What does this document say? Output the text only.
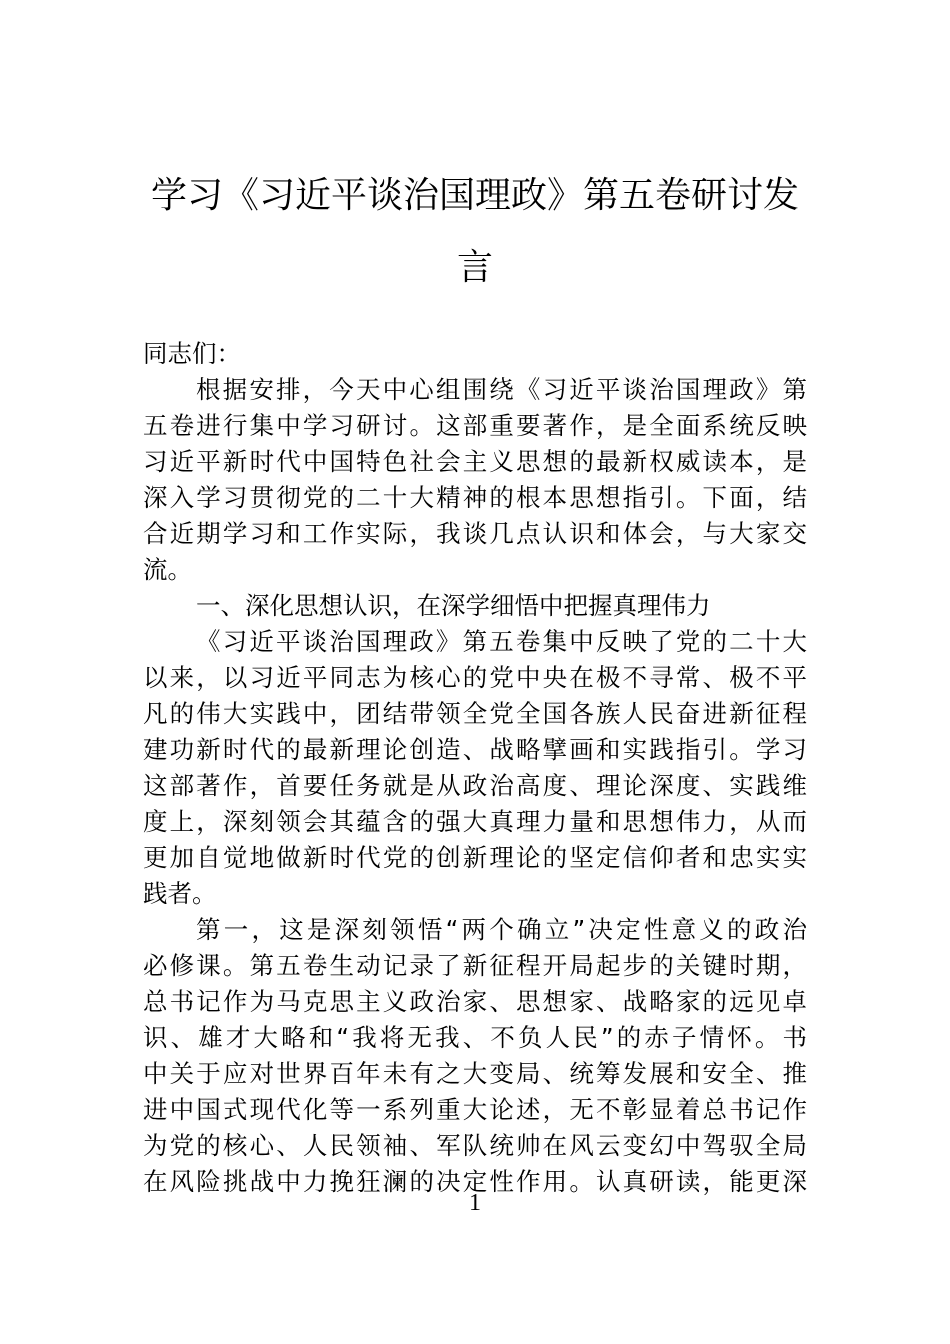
学习《习近平谈治国理政》第五卷研讨发
言
同志们：
根据安排，今天中心组围绕《习近平谈治国理政》第
五卷进行集中学习研讨。这部重要著作，是全面系统反映
习近平新时代中国特色社会主义思想的最新权威读本，是
深入学习贯彻党的二十大精神的根本思想指引。下面，结
合近期学习和工作实际，我谈几点认识和体会，与大家交
流。
一、深化思想认识，在深学细悟中把握真理伟力
《习近平谈治国理政》第五卷集中反映了党的二十大
以来，以习近平同志为核心的党中央在极不寻常、极不平
凡的伟大实践中，团结带领全党全国各族人民奋进新征程
建功新时代的最新理论创造、战略擘画和实践指引。学习
这部著作，首要任务就是从政治高度、理论深度、实践维
度上，深刻领会其蕴含的强大真理力量和思想伟力，从而
更加自觉地做新时代党的创新理论的坚定信仰者和忠实实
践者。
第一，这是深刻领悟“两个确立”决定性意义的政治
必修课。第五卷生动记录了新征程开局起步的关键时期，
总书记作为马克思主义政治家、思想家、战略家的远见卓
识、雄才大略和“我将无我、不负人民”的赤子情怀。书
中关于应对世界百年未有之大变局、统筹发展和安全、推
进中国式现代化等一系列重大论述，无不彰显着总书记作
为党的核心、人民领袖、军队统帅在风云变幻中驾驭全局
在风险挑战中力挽狂澜的决定性作用。认真研读，能更深
1
